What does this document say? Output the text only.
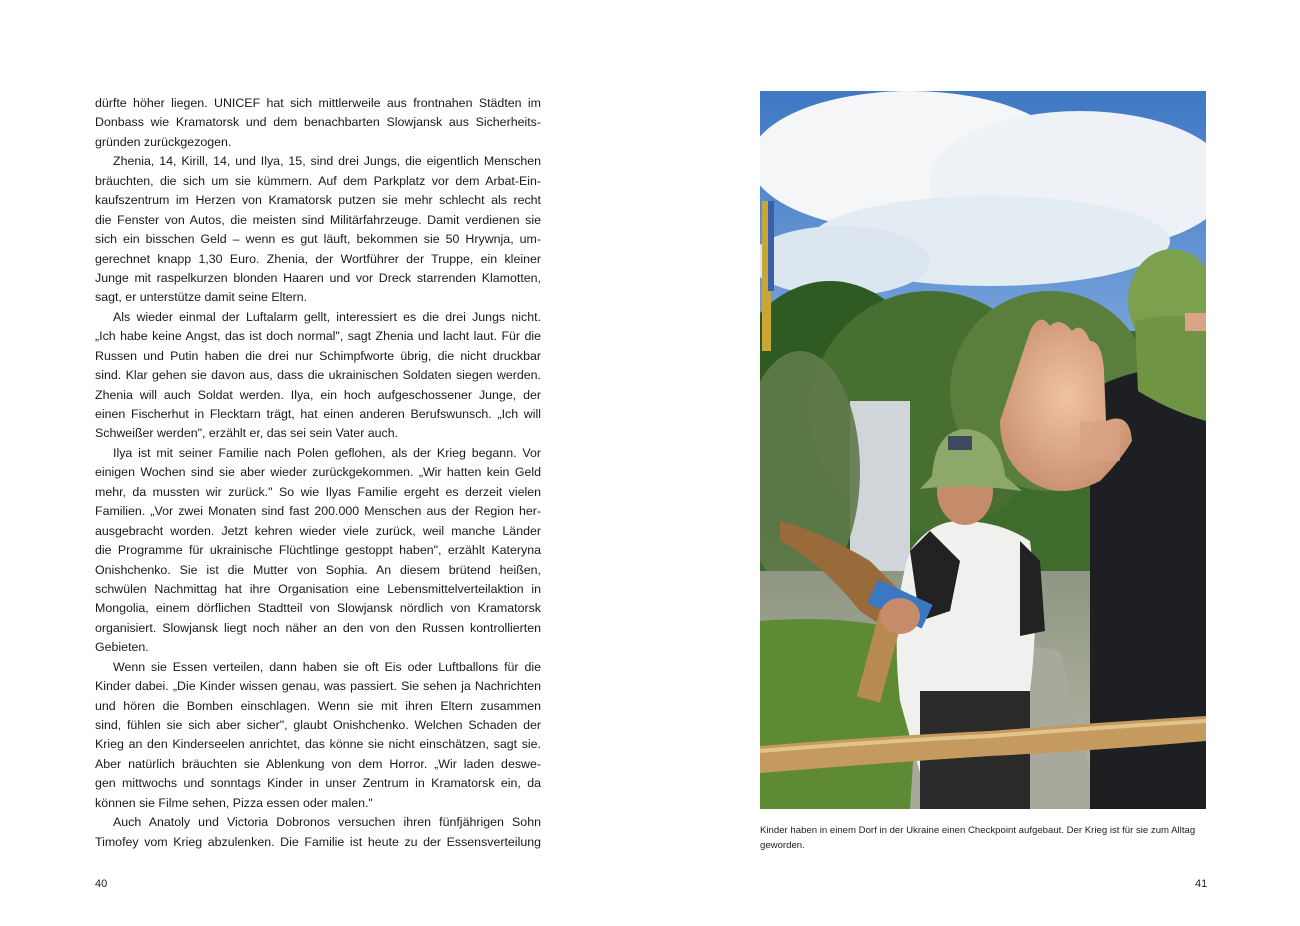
dürfte höher liegen. UNICEF hat sich mittlerweile aus frontnahen Städten im
Donbass wie Kramatorsk und dem benachbarten Slowjansk aus Sicherheits-
gründen zurückgezogen.
Zhenia, 14, Kirill, 14, und Ilya, 15, sind drei Jungs, die eigentlich Menschen
bräuchten, die sich um sie kümmern. Auf dem Parkplatz vor dem Arbat-Ein-
kaufszentrum im Herzen von Kramatorsk putzen sie mehr schlecht als recht
die Fenster von Autos, die meisten sind Militärfahrzeuge. Damit verdienen sie
sich ein bisschen Geld – wenn es gut läuft, bekommen sie 50 Hrywnja, um-
gerechnet knapp 1,30 Euro. Zhenia, der Wortführer der Truppe, ein kleiner
Junge mit raspelkurzen blonden Haaren und vor Dreck starrenden Klamotten,
sagt, er unterstütze damit seine Eltern.
Als wieder einmal der Luftalarm gellt, interessiert es die drei Jungs nicht.
„Ich habe keine Angst, das ist doch normal", sagt Zhenia und lacht laut. Für die
Russen und Putin haben die drei nur Schimpfworte übrig, die nicht druckbar
sind. Klar gehen sie davon aus, dass die ukrainischen Soldaten siegen werden.
Zhenia will auch Soldat werden. Ilya, ein hoch aufgeschossener Junge, der
einen Fischerhut in Flecktarn trägt, hat einen anderen Berufswunsch. „Ich will
Schweißer werden", erzählt er, das sei sein Vater auch.
Ilya ist mit seiner Familie nach Polen geflohen, als der Krieg begann. Vor
einigen Wochen sind sie aber wieder zurückgekommen. „Wir hatten kein Geld
mehr, da mussten wir zurück." So wie Ilyas Familie ergeht es derzeit vielen
Familien. „Vor zwei Monaten sind fast 200.000 Menschen aus der Region her-
ausgebracht worden. Jetzt kehren wieder viele zurück, weil manche Länder
die Programme für ukrainische Flüchtlinge gestoppt haben", erzählt Kateryna
Onishchenko. Sie ist die Mutter von Sophia. An diesem brütend heißen,
schwülen Nachmittag hat ihre Organisation eine Lebensmittelverteilaktion in
Mongolia, einem dörflichen Stadtteil von Slowjansk nördlich von Kramatorsk
organisiert. Slowjansk liegt noch näher an den von den Russen kontrollierten
Gebieten.
Wenn sie Essen verteilen, dann haben sie oft Eis oder Luftballons für die
Kinder dabei. „Die Kinder wissen genau, was passiert. Sie sehen ja Nachrichten
und hören die Bomben einschlagen. Wenn sie mit ihren Eltern zusammen
sind, fühlen sie sich aber sicher", glaubt Onishchenko. Welchen Schaden der
Krieg an den Kinderseelen anrichtet, das könne sie nicht einschätzen, sagt sie.
Aber natürlich bräuchten sie Ablenkung von dem Horror. „Wir laden deswe-
gen mittwochs und sonntags Kinder in unser Zentrum in Kramatorsk ein, da
können sie Filme sehen, Pizza essen oder malen."
Auch Anatoly und Victoria Dobronos versuchen ihren fünfjährigen Sohn
Timofey vom Krieg abzulenken. Die Familie ist heute zu der Essensverteilung
40
Kinder haben in einem Dorf in der Ukraine einen Checkpoint aufgebaut. Der Krieg ist für sie zum Alltag geworden.
41
